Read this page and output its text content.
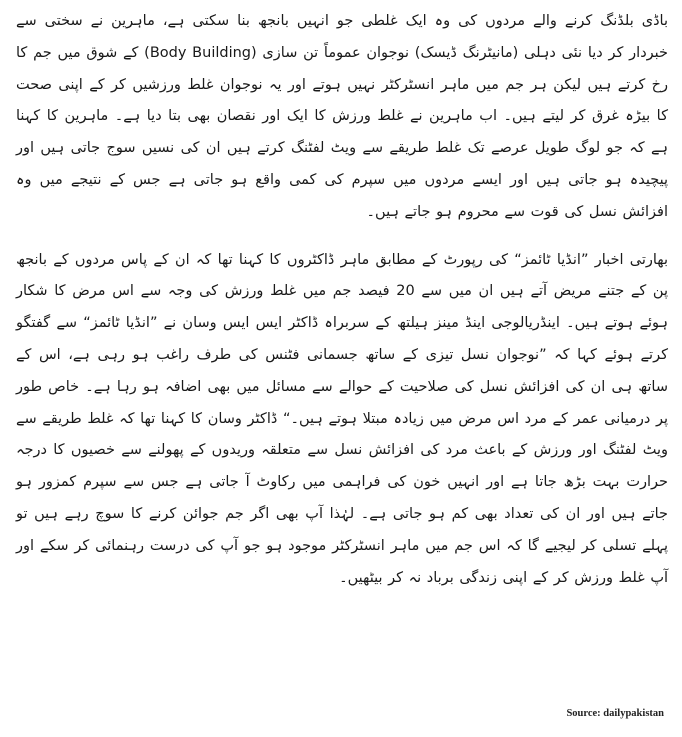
باڈی بلڈنگ کرنے والے مردوں کی وہ ایک غلطی جو انہیں بانجھ بنا سکتی ہے، ماہرین نے سختی سے خبردار کر دیا نئی دہلی (مانیٹرنگ ڈیسک) نوجوان عموماً تن سازی (Body Building) کے شوق میں جم کا رخ کرتے ہیں لیکن ہر جم میں ماہر انسٹرکٹر نہیں ہوتے اور یہ نوجوان غلط ورزشیں کر کے اپنی صحت کا بیڑہ غرق کر لیتے ہیں۔ اب ماہرین نے غلط ورزش کا ایک اور نقصان بھی بتا دیا ہے۔ ماہرین کا کہنا ہے کہ جو لوگ طویل عرصے تک غلط طریقے سے ویٹ لفٹنگ کرتے ہیں ان کی نسیں سوج جاتی ہیں اور پیچیدہ ہو جاتی ہیں اور ایسے مردوں میں سپرم کی کمی واقع ہو جاتی ہے جس کے نتیجے میں وہ افزائش نسل کی قوت سے محروم ہو جاتے ہیں۔

بھارتی اخبار ”انڈیا ٹائمز“ کی رپورٹ کے مطابق ماہر ڈاکٹروں کا کہنا تھا کہ ان کے پاس مردوں کے بانجھ پن کے جتنے مریض آتے ہیں ان میں سے 20 فیصد جم میں غلط ورزش کی وجہ سے اس مرض کا شکار ہوئے ہوتے ہیں۔ اینڈریالوجی اینڈ مینز ہیلتھ کے سربراہ ڈاکٹر ایس ایس وسان نے ”انڈیا ٹائمز“ سے گفتگو کرتے ہوئے کہا کہ ”نوجوان نسل تیزی کے ساتھ جسمانی فٹنس کی طرف راغب ہو رہی ہے، اس کے ساتھ ہی ان کی افزائش نسل کی صلاحیت کے حوالے سے مسائل میں بھی اضافہ ہو رہا ہے۔ خاص طور پر درمیانی عمر کے مرد اس مرض میں زیادہ مبتلا ہوتے ہیں۔“ ڈاکٹر وسان کا کہنا تھا کہ غلط طریقے سے ویٹ لفٹنگ اور ورزش کے باعث مرد کی افزائش نسل سے متعلقہ وریدوں کے پھولنے سے خصیوں کا درجہ حرارت بہت بڑھ جاتا ہے اور انہیں خون کی فراہمی میں رکاوٹ آ جاتی ہے جس سے سپرم کمزور ہو جاتے ہیں اور ان کی تعداد بھی کم ہو جاتی ہے۔ لہٰذا آپ بھی اگر جم جوائن کرنے کا سوچ رہے ہیں تو پہلے تسلی کر لیجیے گا کہ اس جم میں ماہر انسٹرکٹر موجود ہو جو آپ کی درست رہنمائی کر سکے اور آپ غلط ورزش کر کے اپنی زندگی برباد نہ کر بیٹھیں۔

Source: dailypakistan
